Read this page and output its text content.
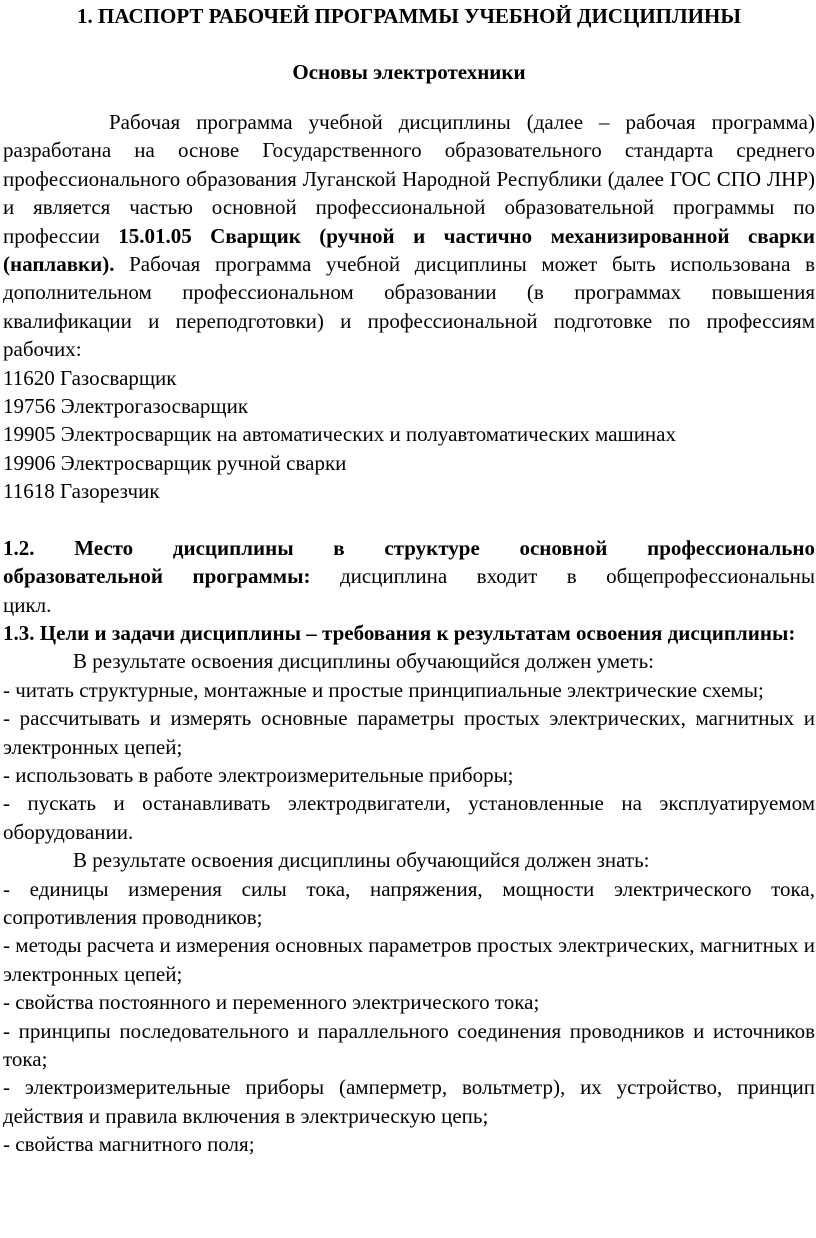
1. ПАСПОРТ РАБОЧЕЙ ПРОГРАММЫ УЧЕБНОЙ ДИСЦИПЛИНЫ

Основы электротехники

Рабочая программа учебной дисциплины (далее – рабочая программа) разработана на основе Государственного образовательного стандарта среднего профессионального образования Луганской Народной Республики (далее ГОС СПО ЛНР) и является частью основной профессиональной образовательной программы по профессии 15.01.05 Сварщик (ручной и частично механизированной сварки (наплавки). Рабочая программа учебной дисциплины может быть использована в дополнительном профессиональном образовании (в программах повышения квалификации и переподготовки) и профессиональной подготовке по профессиям рабочих:

11620 Газосварщик

19756 Электрогазосварщик

19905 Электросварщик на автоматических и полуавтоматических машинах

19906 Электросварщик ручной сварки

11618 Газорезчик

1.2. Место дисциплины в структуре основной профессионально

образовательной программы: дисциплина входит в общепрофессиональны

цикл.

1.3. Цели и задачи дисциплины – требования к результатам освоения дисциплины:

В результате освоения дисциплины обучающийся должен уметь:

- читать структурные, монтажные и простые принципиальные электрические схемы;

- рассчитывать и измерять основные параметры простых электрических, магнитных и электронных цепей;

- использовать в работе электроизмерительные приборы;

- пускать и останавливать электродвигатели, установленные на эксплуатируемом оборудовании.

В результате освоения дисциплины обучающийся должен знать:

- единицы измерения силы тока, напряжения, мощности электрического тока, сопротивления проводников;

- методы расчета и измерения основных параметров простых электрических, магнитных и электронных цепей;

- свойства постоянного и переменного электрического тока;

- принципы последовательного и параллельного соединения проводников и источников тока;

- электроизмерительные приборы (амперметр, вольтметр), их устройство, принцип действия и правила включения в электрическую цепь;

- свойства магнитного поля;
